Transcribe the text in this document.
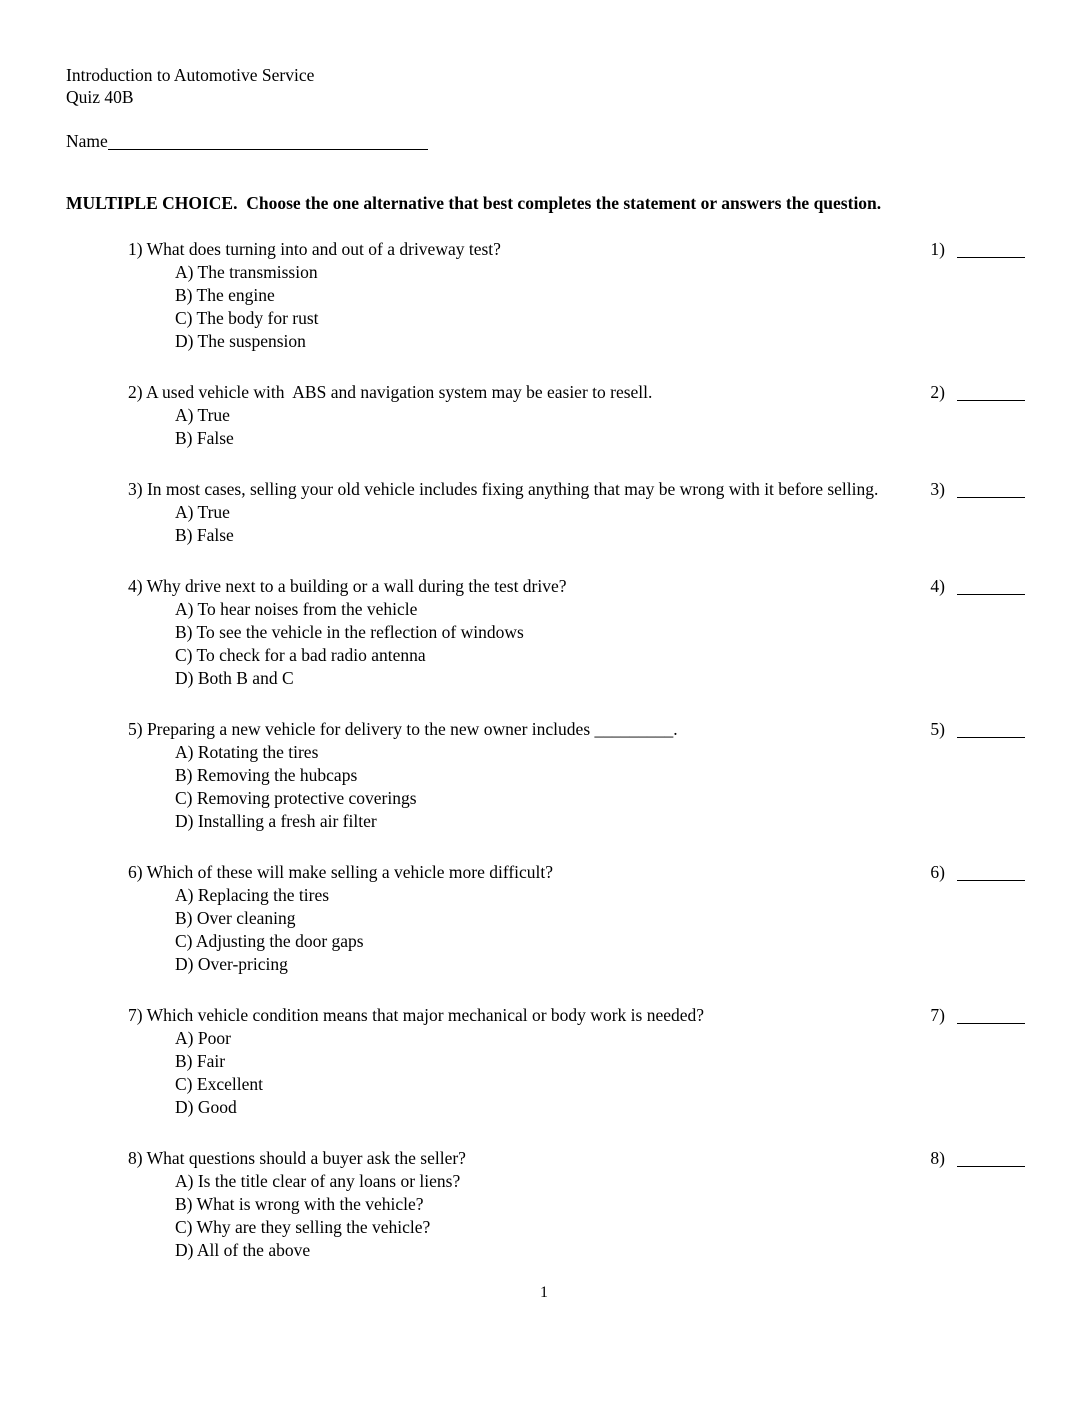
Introduction to Automotive Service
Quiz 40B
Name
MULTIPLE CHOICE.  Choose the one alternative that best completes the statement or answers the question.
1) What does turning into and out of a driveway test?
A) The transmission
B) The engine
C) The body for rust
D) The suspension
1)
2) A used vehicle with  ABS and navigation system may be easier to resell.
A) True
B) False
2)
3) In most cases, selling your old vehicle includes fixing anything that may be wrong with it before selling.
A) True
B) False
3)
4) Why drive next to a building or a wall during the test drive?
A) To hear noises from the vehicle
B) To see the vehicle in the reflection of windows
C) To check for a bad radio antenna
D) Both B and C
4)
5) Preparing a new vehicle for delivery to the new owner includes _________.
A) Rotating the tires
B) Removing the hubcaps
C) Removing protective coverings
D) Installing a fresh air filter
5)
6) Which of these will make selling a vehicle more difficult?
A) Replacing the tires
B) Over cleaning
C) Adjusting the door gaps
D) Over-pricing
6)
7) Which vehicle condition means that major mechanical or body work is needed?
A) Poor
B) Fair
C) Excellent
D) Good
7)
8) What questions should a buyer ask the seller?
A) Is the title clear of any loans or liens?
B) What is wrong with the vehicle?
C) Why are they selling the vehicle?
D) All of the above
8)
1
